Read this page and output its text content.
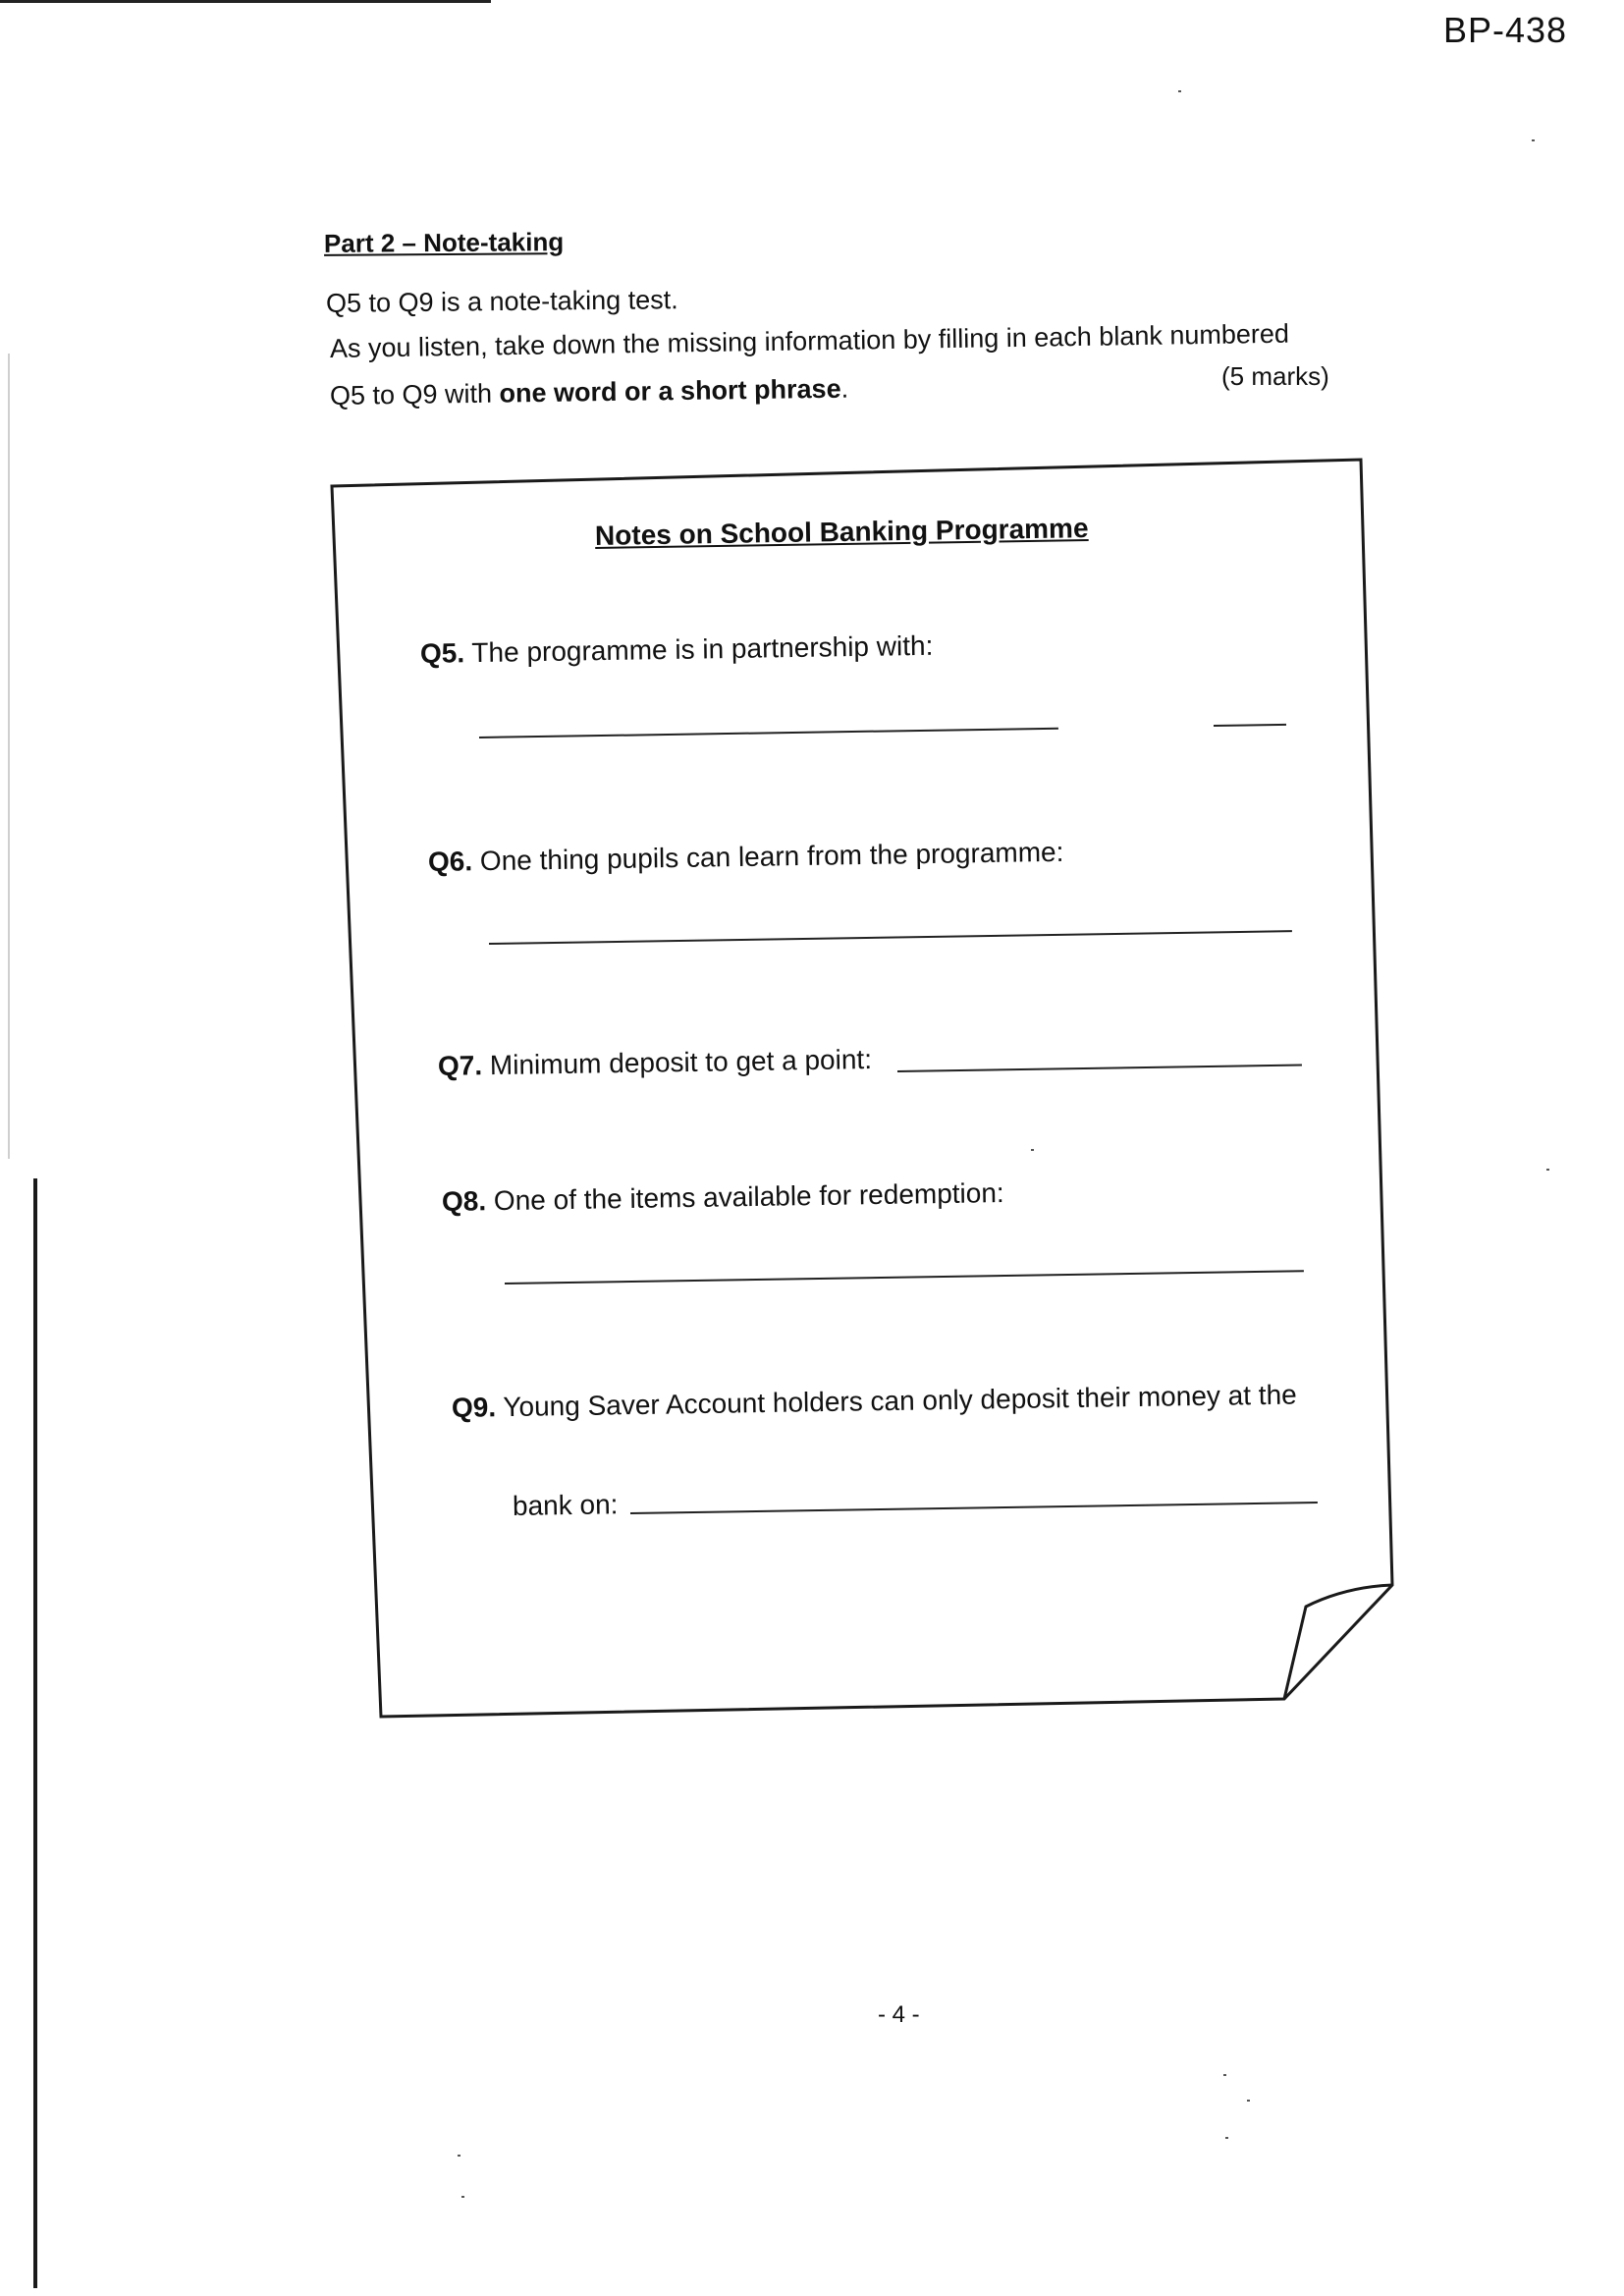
BP-438
Part 2 – Note-taking
Q5 to Q9 is a note-taking test.
As you listen, take down the missing information by filling in each blank numbered
Q5 to Q9 with one word or a short phrase.	(5 marks)
Notes on School Banking Programme
Q5. The programme is in partnership with:
Q6. One thing pupils can learn from the programme:
Q7. Minimum deposit to get a point:
Q8. One of the items available for redemption:
Q9. Young Saver Account holders can only deposit their money at the
bank on:
- 4 -
